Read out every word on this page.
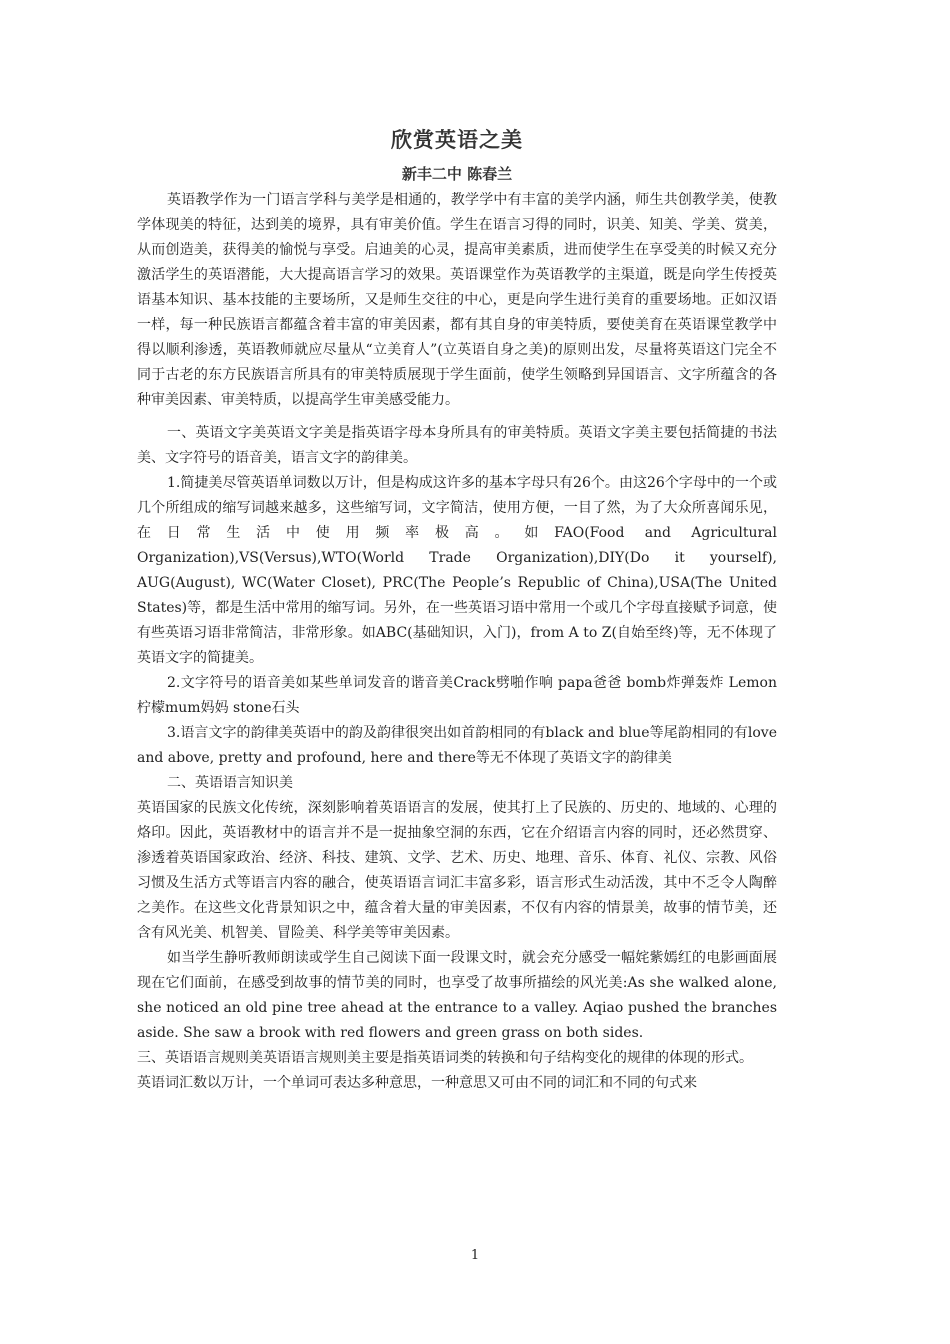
欣赏英语之美
新丰二中 陈春兰

英语教学作为一门语言学科与美学是相通的，教学学中有丰富的美学内涵，师生共创教学美，使教学体现美的特征，达到美的境界，具有审美价值。学生在语言习得的同时，识美、知美、学美、赏美，从而创造美，获得美的愉悦与享受。启迪美的心灵，提高审美素质，进而使学生在享受美的时候又充分激活学生的英语潜能，大大提高语言学习的效果。英语课堂作为英语教学的主渠道，既是向学生传授英语基本知识、基本技能的主要场所，又是师生交往的中心，更是向学生进行美育的重要场地。正如汉语一样，每一种民族语言都蕴含着丰富的审美因素，都有其自身的审美特质，要使美育在英语课堂教学中得以顺利渗透，英语教师就应尽量从“立美育人”(立英语自身之美)的原则出发，尽量将英语这门完全不同于古老的东方民族语言所具有的审美特质展现于学生面前，使学生领略到异国语言、文字所蕴含的各种审美因素、审美特质，以提高学生审美感受能力。

一、英语文字美英语文字美是指英语字母本身所具有的审美特质。英语文字美主要包括简捷的书法美、文字符号的语音美，语言文字的韵律美。

1.简捷美尽管英语单词数以万计，但是构成这许多的基本字母只有26个。由这26个字母中的一个或几个所组成的缩写词越来越多，这些缩写词，文字简洁，使用方便，一目了然，为了大众所喜闻乐见，在日常生活中使用频率极高。如FAO(Food and Agricultural Organization),VS(Versus),WTO(World Trade Organization),DIY(Do it yourself), AUG(August), WC(Water Closet), PRC(The People’s Republic of China),USA(The United States)等，都是生活中常用的缩写词。另外，在一些英语习语中常用一个或几个字母直接赋予词意，使有些英语习语非常简洁，非常形象。如ABC(基础知识，入门)，from A to Z(自始至终)等，无不体现了英语文字的简捷美。

2.文字符号的语音美如某些单词发音的谐音美Crack劈啪作响 papa爸爸 bomb炸弹轰炸 Lemon柠檬mum妈妈 stone石头

3.语言文字的韵律美英语中的韵及韵律很突出如首韵相同的有black and blue等尾韵相同的有love and above, pretty and profound, here and there等无不体现了英语文字的韵律美

二、英语语言知识美

英语国家的民族文化传统，深刻影响着英语语言的发展，使其打上了民族的、历史的、地域的、心理的烙印。因此，英语教材中的语言并不是一捉抽象空洞的东西，它在介绍语言内容的同时，还必然贯穿、渗透着英语国家政治、经济、科技、建筑、文学、艺术、历史、地理、音乐、体育、礼仪、宗教、风俗习惯及生活方式等语言内容的融合，使英语语言词汇丰富多彩，语言形式生动活泼，其中不乏令人陶醉之美作。在这些文化背景知识之中，蕴含着大量的审美因素，不仅有内容的情景美，故事的情节美，还含有风光美、机智美、冒险美、科学美等审美因素。

如当学生静听教师朗读或学生自己阅读下面一段课文时，就会充分感受一幅姹紫嫣红的电影画面展现在它们面前，在感受到故事的情节美的同时，也享受了故事所描绘的风光美:As she walked alone, she noticed an old pine tree ahead at the entrance to a valley. Aqiao pushed the branches aside. She saw a brook with red flowers and green grass on both sides.

三、英语语言规则美英语语言规则美主要是指英语词类的转换和句子结构变化的规律的体现的形式。

英语词汇数以万计，一个单词可表达多种意思，一种意思又可由不同的词汇和不同的句式来

1
